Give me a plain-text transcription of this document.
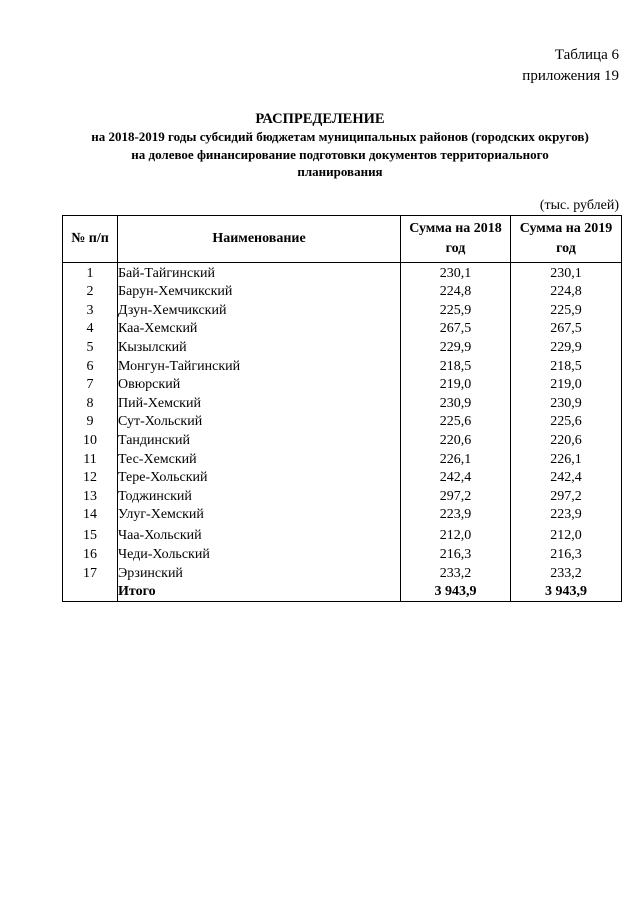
Таблица 6
приложения 19
РАСПРЕДЕЛЕНИЕ
на 2018-2019 годы субсидий бюджетам муниципальных районов (городских округов)
на долевое финансирование подготовки документов территориального
планирования
(тыс. рублей)
№ п/п	Наименование	Сумма на 2018 год	Сумма на 2019 год
1	Бай-Тайгинский	230,1	230,1
2	Барун-Хемчикский	224,8	224,8
3	Дзун-Хемчикский	225,9	225,9
4	Каа-Хемский	267,5	267,5
5	Кызылский	229,9	229,9
6	Монгун-Тайгинский	218,5	218,5
7	Овюрский	219,0	219,0
8	Пий-Хемский	230,9	230,9
9	Сут-Хольский	225,6	225,6
10	Тандинский	220,6	220,6
11	Тес-Хемский	226,1	226,1
12	Тере-Хольский	242,4	242,4
13	Тоджинский	297,2	297,2
14	Улуг-Хемский	223,9	223,9
15	Чаа-Хольский	212,0	212,0
16	Чеди-Хольский	216,3	216,3
17	Эрзинский	233,2	233,2
	Итого	3 943,9	3 943,9
